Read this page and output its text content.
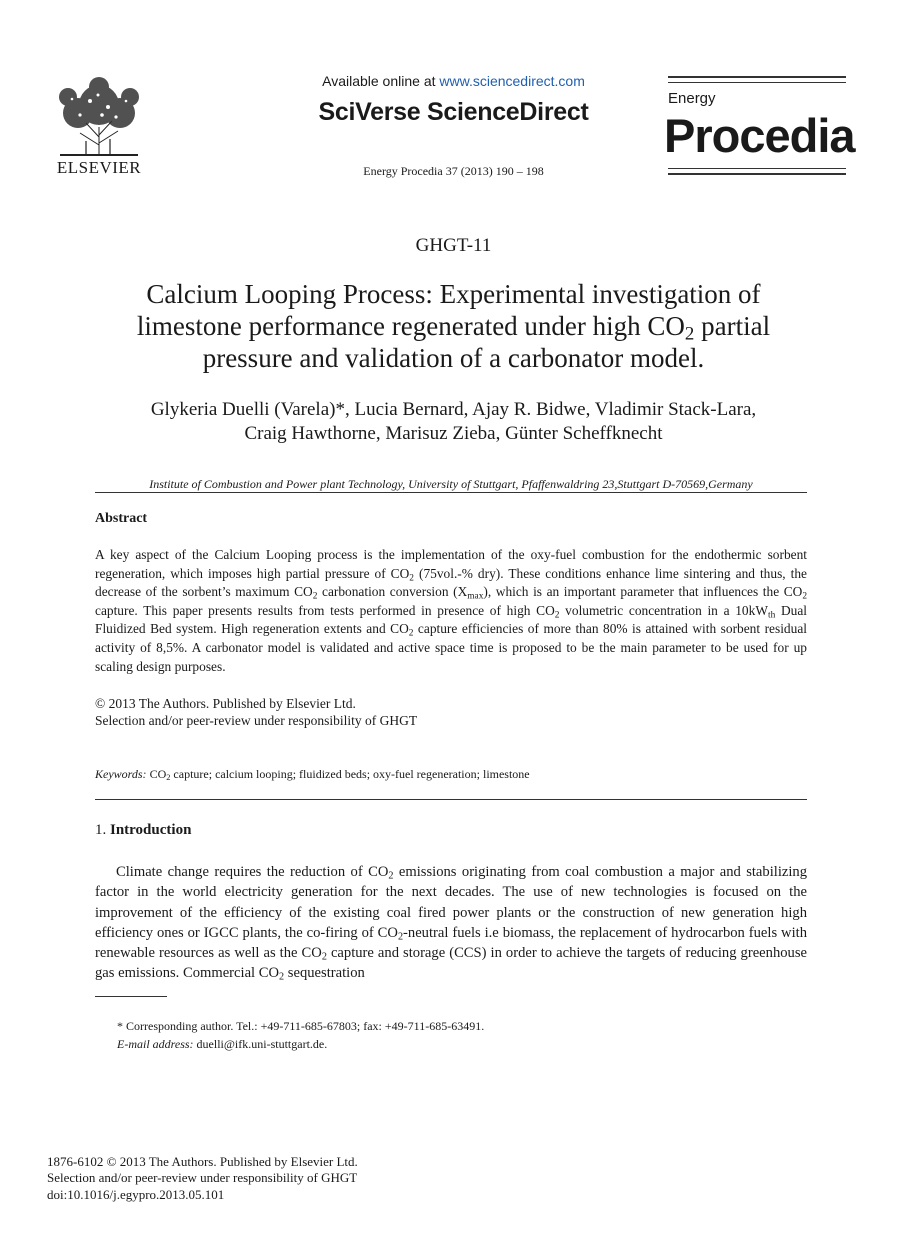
ELSEVIER
Available online at www.sciencedirect.com
SciVerse ScienceDirect
Energy Procedia 37 (2013) 190 – 198
Energy
Procedia
GHGT-11
Calcium Looping Process: Experimental investigation of
limestone performance regenerated under high $CO_2$ partial
pressure and validation of a carbonator model.
Glykeria Duelli (Varela)*, Lucia Bernard, Ajay R. Bidwe, Vladimir Stack-Lara,
Craig Hawthorne, Marisuz Zieba, Günter Scheffknecht
Institute of Combustion and Power plant Technology, University of Stuttgart, Pfaffenwaldring 23,Stuttgart D-70569,Germany
Abstract
A key aspect of the Calcium Looping process is the implementation of the oxy-fuel combustion for the endothermic sorbent regeneration, which imposes high partial pressure of $CO_2$ (75vol.-% dry). These conditions enhance lime sintering and thus, the decrease of the sorbent’s maximum $CO_2$ carbonation conversion $(X_{max})$, which is an important parameter that influences the $CO_2$ capture. This paper presents results from tests performed in presence of high $CO_2$ volumetric concentration in a $10kW_{th}$ Dual Fluidized Bed system. High regeneration extents and $CO_2$ capture efficiencies of more than 80% is attained with sorbent residual activity of 8,5%. A carbonator model is validated and active space time is proposed to be the main parameter to be used for up scaling design purposes.
© 2013 The Authors. Published by Elsevier Ltd.
Selection and/or peer-review under responsibility of GHGT
Keywords: $CO_2$ capture; calcium looping; fluidized beds; oxy-fuel regeneration; limestone
1. Introduction
Climate change requires the reduction of $CO_2$ emissions originating from coal combustion a major and stabilizing factor in the world electricity generation for the next decades. The use of new technologies is focused on the improvement of the efficiency of the existing coal fired power plants or the construction of new generation high efficiency ones or IGCC plants, the co-firing of $CO_2$-neutral fuels i.e biomass, the replacement of hydrocarbon fuels with renewable resources as well as the $CO_2$ capture and storage (CCS) in order to achieve the targets of reducing greenhouse gas emissions. Commercial $CO_2$ sequestration
* Corresponding author. Tel.: +49-711-685-67803; fax: +49-711-685-63491.
E-mail address: duelli@ifk.uni-stuttgart.de.
1876-6102 © 2013 The Authors. Published by Elsevier Ltd.
Selection and/or peer-review under responsibility of GHGT
doi:10.1016/j.egypro.2013.05.101
